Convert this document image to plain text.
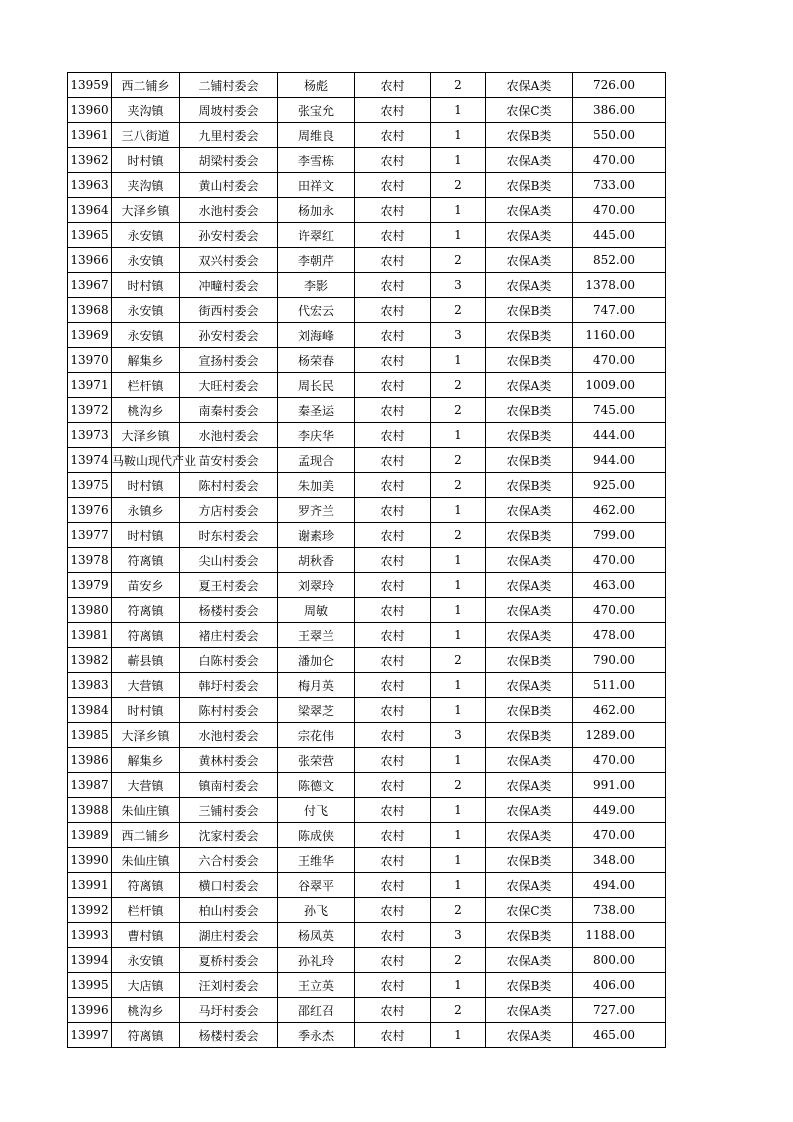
13959	西二铺乡	二铺村委会	杨彪	农村	2	农保A类	726.00
13960	夹沟镇	周坡村委会	张宝允	农村	1	农保C类	386.00
13961	三八街道	九里村委会	周维良	农村	1	农保B类	550.00
13962	时村镇	胡梁村委会	李雪栋	农村	1	农保A类	470.00
13963	夹沟镇	黄山村委会	田祥文	农村	2	农保B类	733.00
13964	大泽乡镇	水池村委会	杨加永	农村	1	农保A类	470.00
13965	永安镇	孙安村委会	许翠红	农村	1	农保A类	445.00
13966	永安镇	双兴村委会	李朝芹	农村	2	农保A类	852.00
13967	时村镇	冲疃村委会	李影	农村	3	农保A类	1378.00
13968	永安镇	街西村委会	代宏云	农村	2	农保B类	747.00
13969	永安镇	孙安村委会	刘海峰	农村	3	农保B类	1160.00
13970	解集乡	宣扬村委会	杨荣春	农村	1	农保B类	470.00
13971	栏杆镇	大旺村委会	周长民	农村	2	农保A类	1009.00
13972	桃沟乡	南秦村委会	秦圣运	农村	2	农保B类	745.00
13973	大泽乡镇	水池村委会	李庆华	农村	1	农保B类	444.00
13974	马鞍山现代产业	苗安村委会	孟现合	农村	2	农保B类	944.00
13975	时村镇	陈村村委会	朱加美	农村	2	农保B类	925.00
13976	永镇乡	方店村委会	罗齐兰	农村	1	农保A类	462.00
13977	时村镇	时东村委会	谢素珍	农村	2	农保B类	799.00
13978	符离镇	尖山村委会	胡秋香	农村	1	农保A类	470.00
13979	苗安乡	夏王村委会	刘翠玲	农村	1	农保A类	463.00
13980	符离镇	杨楼村委会	周敏	农村	1	农保A类	470.00
13981	符离镇	褚庄村委会	王翠兰	农村	1	农保A类	478.00
13982	蕲县镇	白陈村委会	潘加仑	农村	2	农保B类	790.00
13983	大营镇	韩圩村委会	梅月英	农村	1	农保A类	511.00
13984	时村镇	陈村村委会	梁翠芝	农村	1	农保B类	462.00
13985	大泽乡镇	水池村委会	宗花伟	农村	3	农保B类	1289.00
13986	解集乡	黄林村委会	张荣营	农村	1	农保A类	470.00
13987	大营镇	镇南村委会	陈德文	农村	2	农保A类	991.00
13988	朱仙庄镇	三铺村委会	付飞	农村	1	农保A类	449.00
13989	西二铺乡	沈家村委会	陈成侠	农村	1	农保A类	470.00
13990	朱仙庄镇	六合村委会	王维华	农村	1	农保B类	348.00
13991	符离镇	横口村委会	谷翠平	农村	1	农保A类	494.00
13992	栏杆镇	柏山村委会	孙飞	农村	2	农保C类	738.00
13993	曹村镇	湖庄村委会	杨凤英	农村	3	农保B类	1188.00
13994	永安镇	夏桥村委会	孙礼玲	农村	2	农保A类	800.00
13995	大店镇	汪刘村委会	王立英	农村	1	农保B类	406.00
13996	桃沟乡	马圩村委会	邵红召	农村	2	农保A类	727.00
13997	符离镇	杨楼村委会	季永杰	农村	1	农保A类	465.00
